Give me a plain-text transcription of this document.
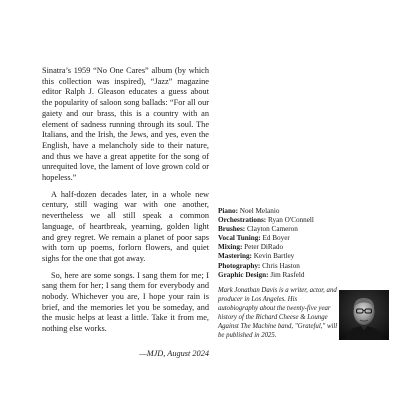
Sinatra’s 1959 “No One Cares” album (by which this collection was inspired), “Jazz” magazine editor Ralph J. Gleason educates a guess about the popularity of saloon song ballads: “For all our gaiety and our brass, this is a country with an element of sadness running through its soul. The Italians, and the Irish, the Jews, and yes, even the English, have a melancholy side to their nature, and thus we have a great appetite for the song of unrequited love, the lament of love grown cold or hopeless.”

A half-dozen decades later, in a whole new century, still waging war with one another, nevertheless we all still speak a common language, of heartbreak, yearning, golden light and grey regret. We remain a planet of poor saps with torn up poems, forlorn flowers, and quiet sighs for the one that got away.

So, here are some songs. I sang them for me; I sang them for her; I sang them for everybody and nobody. Whichever you are, I hope your rain is brief, and the memories let you be someday, and the music helps at least a little. Take it from me, nothing else works.

—MJD, August 2024

Piano: Noel Melanio
Orchestrations: Ryan O'Connell
Brushes: Clayton Cameron
Vocal Tuning: Ed Boyer
Mixing: Peter DiRado
Mastering: Kevin Bartley
Photography: Chris Haston
Graphic Design: Jim Rasfeld
Mark Jonathan Davis is a writer, actor, and producer in Los Angeles. His autobiography about the twenty-five year history of the Richard Cheese & Lounge Against The Machine band, "Grateful," will be published in 2025.
